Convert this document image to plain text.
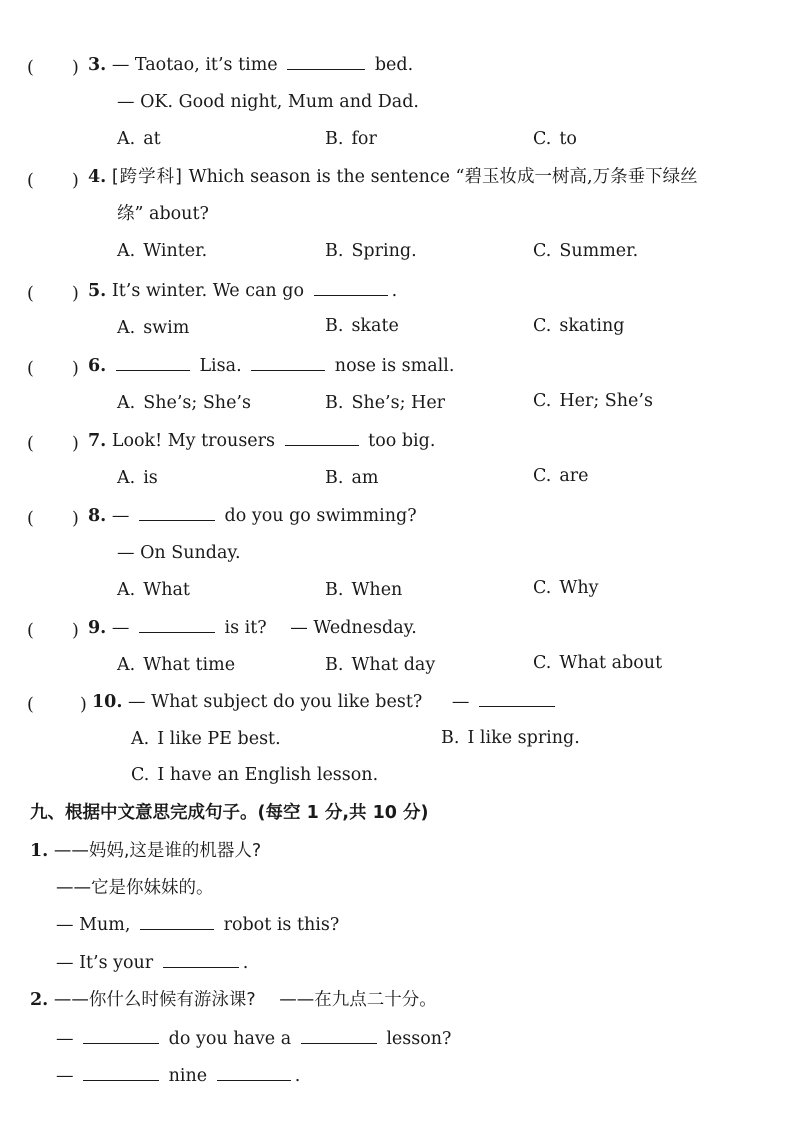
( ) 3. — Taotao, it’s time	bed.
— OK. Good night, Mum and Dad.
A. at	B. for	C. to
( ) 4. [跨学科] Which season is the sentence “碧玉妆成一树高,万条垂下绿丝
绦” about?
A. Winter.	B. Spring.	C. Summer.
( ) 5. It’s winter. We can go	.
A. swim	B. skate	C. skating
( ) 6.	Lisa.	nose is small.
A. She’s; She’s	B. She’s; Her	C. Her; She’s
( ) 7. Look! My trousers	too big.
A. is	B. am	C. are
( ) 8. —	do you go swimming?
— On Sunday.
A. What	B. When	C. Why
( ) 9. —	is it? — Wednesday.
A. What time	B. What day	C. What about
(	) 10. — What subject do you like best? —
A. I like PE best.	B. I like spring.
C. I have an English lesson.
九、根据中文意思完成句子。(每空 1 分,共 10 分)
1. ——妈妈,这是谁的机器人?
——它是你妹妹的。
— Mum,	robot is this?
— It’s your	.
2. ——你什么时候有游泳课? ——在九点二十分。
—	do you have a	lesson?
—	nine	.
